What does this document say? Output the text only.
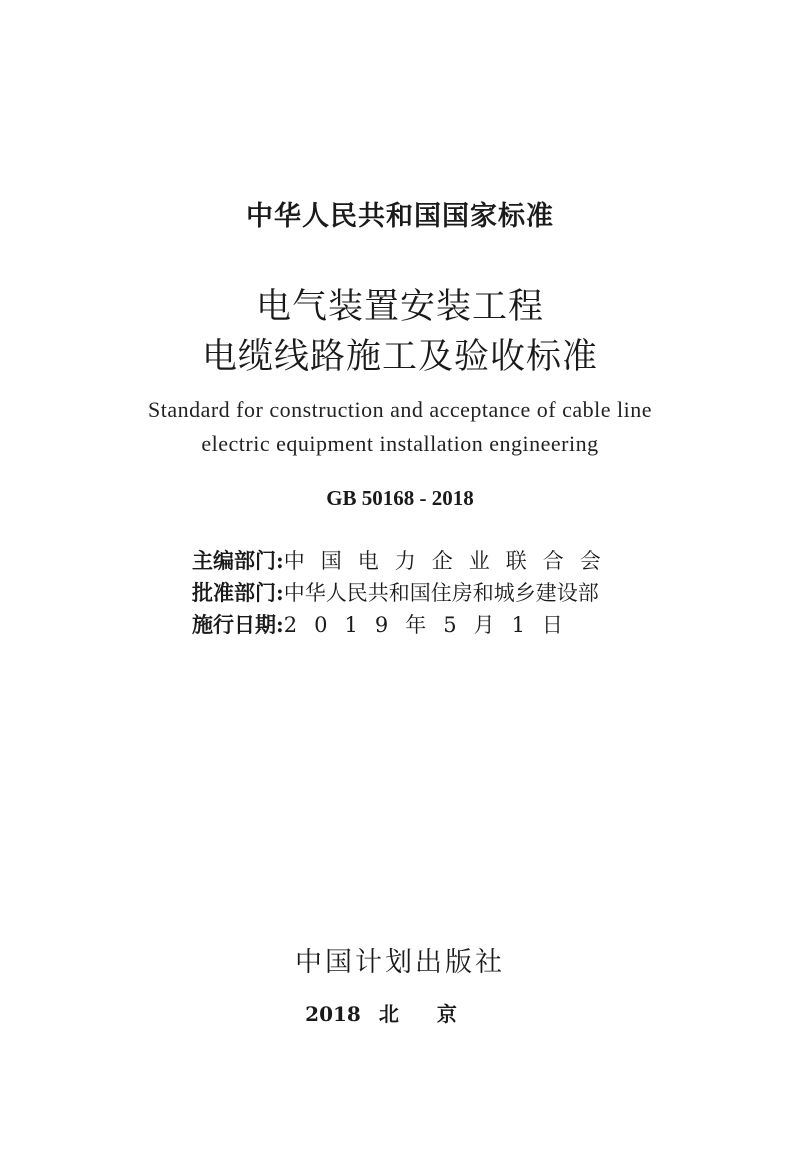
中华人民共和国国家标准
电气装置安装工程
电缆线路施工及验收标准
Standard for construction and acceptance of cable line
electric equipment installation engineering
GB 50168 - 2018
主编部门: 中国电力企业联合会
批准部门: 中华人民共和国住房和城乡建设部
施行日期: 2019年5月1日
中国计划出版社
2018 北京
